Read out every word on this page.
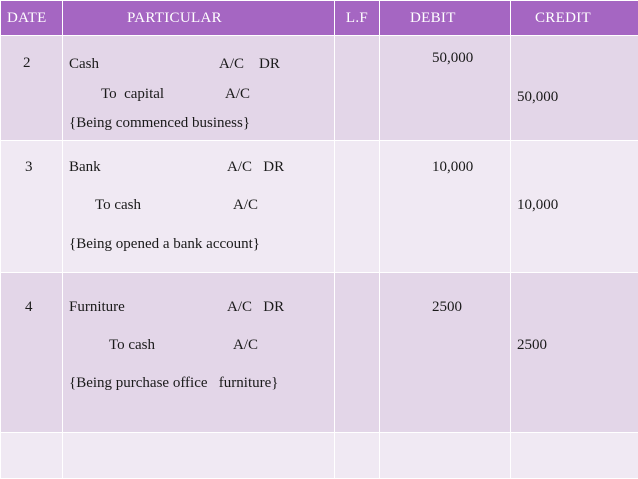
DATE	PARTICULAR	L.F	DEBIT	CREDIT

2	Cash A/C    DR
To  capital A/C
{Being commenced business}		50,000	50,000

3	Bank A/C   DR
To cash A/C
{Being opened a bank account}		10,000	10,000

4	Furniture A/C   DR
To cash A/C
{Being purchase office   furniture}		2500	2500
